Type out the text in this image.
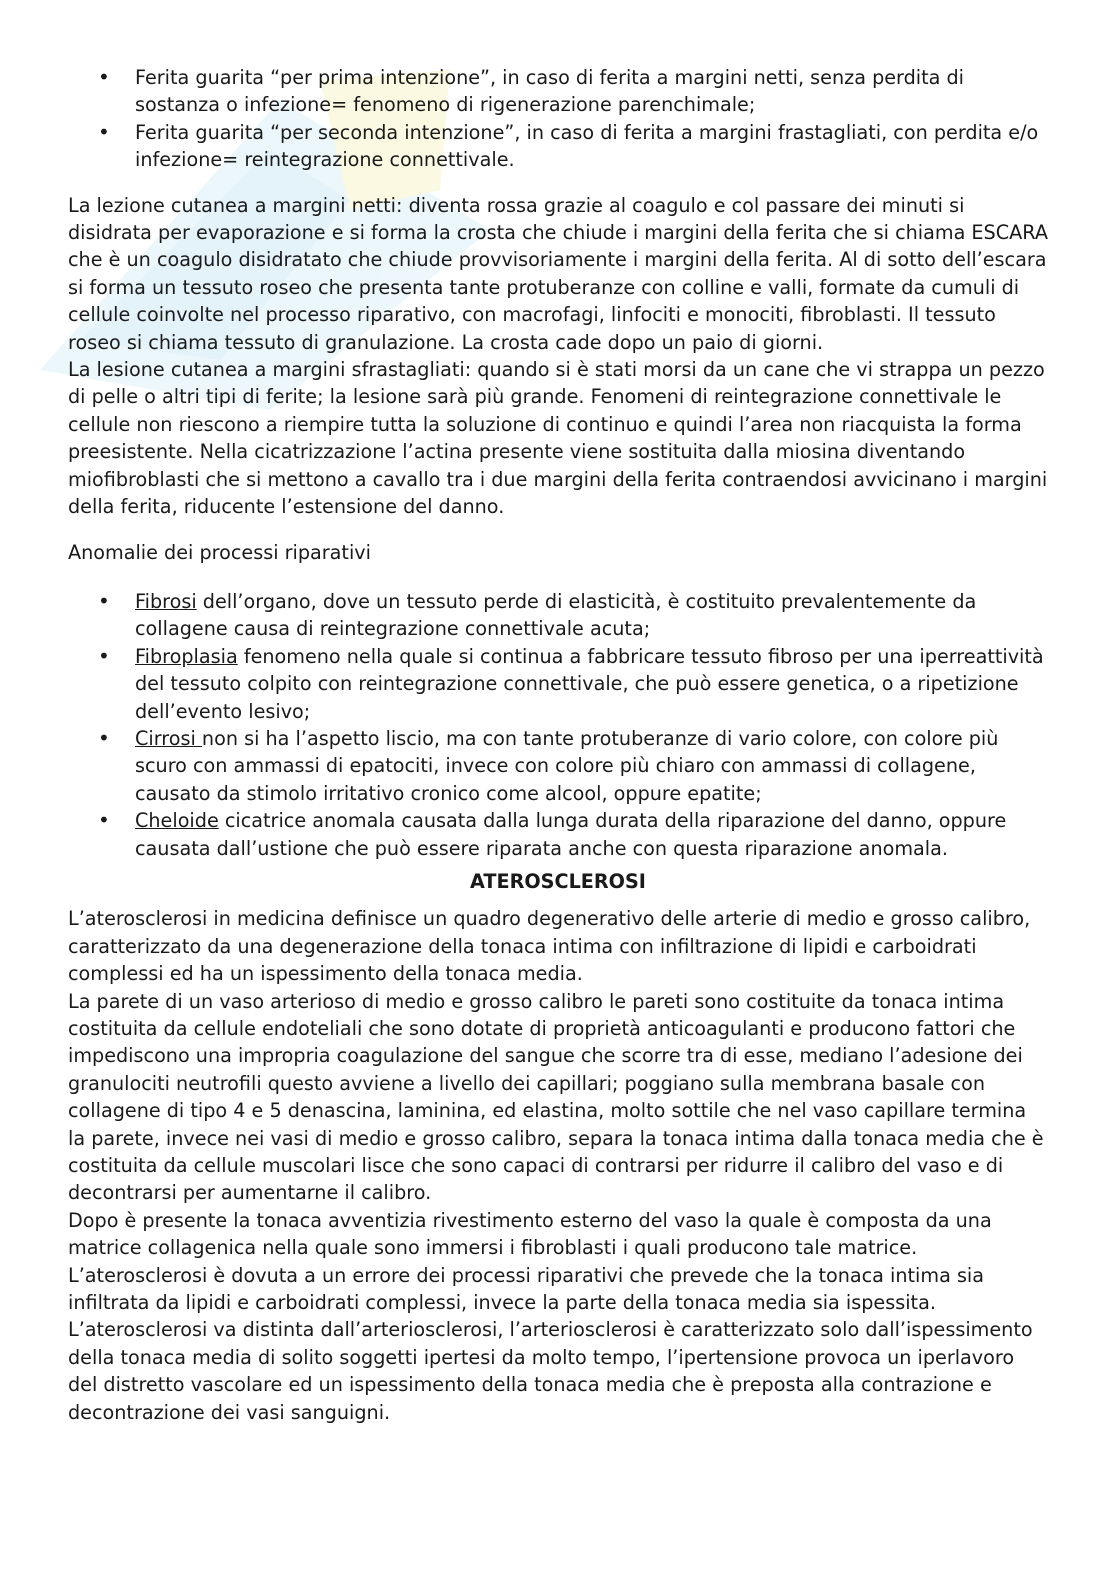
• Ferita guarita “per prima intenzione”, in caso di ferita a margini netti, senza perdita di sostanza o infezione= fenomeno di rigenerazione parenchimale;
• Ferita guarita “per seconda intenzione”, in caso di ferita a margini frastagliati, con perdita e/o infezione= reintegrazione connettivale.

La lezione cutanea a margini netti: diventa rossa grazie al coagulo e col passare dei minuti si disidrata per evaporazione e si forma la crosta che chiude i margini della ferita che si chiama ESCARA che è un coagulo disidratato che chiude provvisoriamente i margini della ferita. Al di sotto dell’escara si forma un tessuto roseo che presenta tante protuberanze con colline e valli, formate da cumuli di cellule coinvolte nel processo riparativo, con macrofagi, linfociti e monociti, fibroblasti. Il tessuto roseo si chiama tessuto di granulazione. La crosta cade dopo un paio di giorni.

La lesione cutanea a margini sfrastagliati: quando si è stati morsi da un cane che vi strappa un pezzo di pelle o altri tipi di ferite; la lesione sarà più grande. Fenomeni di reintegrazione connettivale le cellule non riescono a riempire tutta la soluzione di continuo e quindi l’area non riacquista la forma preesistente. Nella cicatrizzazione l’actina presente viene sostituita dalla miosina diventando miofibroblasti che si mettono a cavallo tra i due margini della ferita contraendosi avvicinano i margini della ferita, riducente l’estensione del danno.

Anomalie dei processi riparativi

• Fibrosi dell’organo, dove un tessuto perde di elasticità, è costituito prevalentemente da collagene causa di reintegrazione connettivale acuta;
• Fibroplasia fenomeno nella quale si continua a fabbricare tessuto fibroso per una iperreattività del tessuto colpito con reintegrazione connettivale, che può essere genetica, o a ripetizione dell’evento lesivo;
• Cirrosi non si ha l’aspetto liscio, ma con tante protuberanze di vario colore, con colore più scuro con ammassi di epatociti, invece con colore più chiaro con ammassi di collagene, causato da stimolo irritativo cronico come alcool, oppure epatite;
• Cheloide cicatrice anomala causata dalla lunga durata della riparazione del danno, oppure causata dall’ustione che può essere riparata anche con questa riparazione anomala.

ATEROSCLEROSI

L’aterosclerosi in medicina definisce un quadro degenerativo delle arterie di medio e grosso calibro, caratterizzato da una degenerazione della tonaca intima con infiltrazione di lipidi e carboidrati complessi ed ha un ispessimento della tonaca media.

La parete di un vaso arterioso di medio e grosso calibro le pareti sono costituite da tonaca intima costituita da cellule endoteliali che sono dotate di proprietà anticoagulanti e producono fattori che impediscono una impropria coagulazione del sangue che scorre tra di esse, mediano l’adesione dei granulociti neutrofili questo avviene a livello dei capillari; poggiano sulla membrana basale con collagene di tipo 4 e 5 denascina, laminina, ed elastina, molto sottile che nel vaso capillare termina la parete, invece nei vasi di medio e grosso calibro, separa la tonaca intima dalla tonaca media che è costituita da cellule muscolari lisce che sono capaci di contrarsi per ridurre il calibro del vaso e di decontrarsi per aumentarne il calibro.

Dopo è presente la tonaca avventizia rivestimento esterno del vaso la quale è composta da una matrice collagenica nella quale sono immersi i fibroblasti i quali producono tale matrice.

L’aterosclerosi è dovuta a un errore dei processi riparativi che prevede che la tonaca intima sia infiltrata da lipidi e carboidrati complessi, invece la parte della tonaca media sia ispessita.

L’aterosclerosi va distinta dall’arteriosclerosi, l’arteriosclerosi è caratterizzato solo dall’ispessimento della tonaca media di solito soggetti ipertesi da molto tempo, l’ipertensione provoca un iperlavoro del distretto vascolare ed un ispessimento della tonaca media che è preposta alla contrazione e decontrazione dei vasi sanguigni.
